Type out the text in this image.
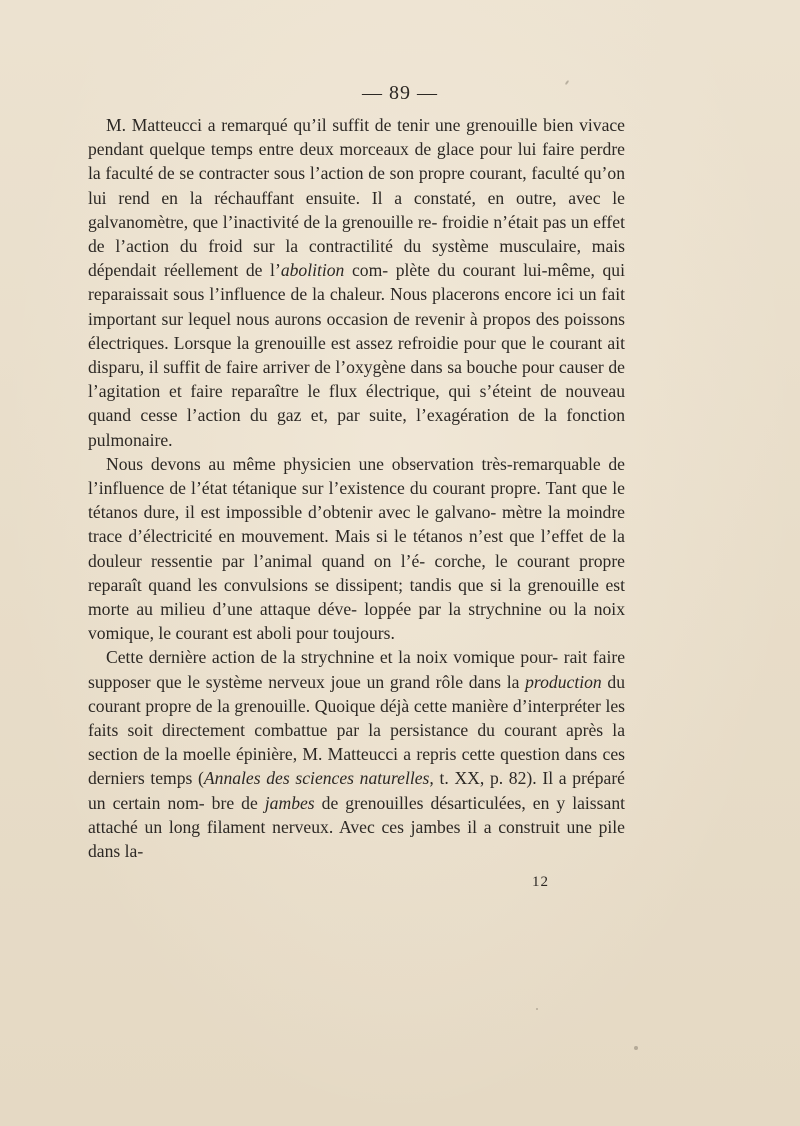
— 89 —

M. Matteucci a remarqué qu’il suffit de tenir une grenouille bien vivace pendant quelque temps entre deux morceaux de glace pour lui faire perdre la faculté de se contracter sous l’action de son propre courant, faculté qu’on lui rend en la réchauffant ensuite. Il a constaté, en outre, avec le galvanomètre, que l’inactivité de la grenouille re- froidie n’était pas un effet de l’action du froid sur la contractilité du système musculaire, mais dépendait réellement de l’abolition com- plète du courant lui-même, qui reparaissait sous l’influence de la chaleur. Nous placerons encore ici un fait important sur lequel nous aurons occasion de revenir à propos des poissons électriques. Lorsque la grenouille est assez refroidie pour que le courant ait disparu, il suffit de faire arriver de l’oxygène dans sa bouche pour causer de l’agitation et faire reparaître le flux électrique, qui s’éteint de nouveau quand cesse l’action du gaz et, par suite, l’exagération de la fonction pulmonaire.

Nous devons au même physicien une observation très-remarquable de l’influence de l’état tétanique sur l’existence du courant propre. Tant que le tétanos dure, il est impossible d’obtenir avec le galvano- mètre la moindre trace d’électricité en mouvement. Mais si le tétanos n’est que l’effet de la douleur ressentie par l’animal quand on l’é- corche, le courant propre reparaît quand les convulsions se dissipent; tandis que si la grenouille est morte au milieu d’une attaque déve- loppée par la strychnine ou la noix vomique, le courant est aboli pour toujours.

Cette dernière action de la strychnine et la noix vomique pour- rait faire supposer que le système nerveux joue un grand rôle dans la production du courant propre de la grenouille. Quoique déjà cette manière d’interpréter les faits soit directement combattue par la persistance du courant après la section de la moelle épinière, M. Matteucci a repris cette question dans ces derniers temps (Annales des sciences naturelles, t. XX, p. 82). Il a préparé un certain nom- bre de jambes de grenouilles désarticulées, en y laissant attaché un long filament nerveux. Avec ces jambes il a construit une pile dans la-

12
